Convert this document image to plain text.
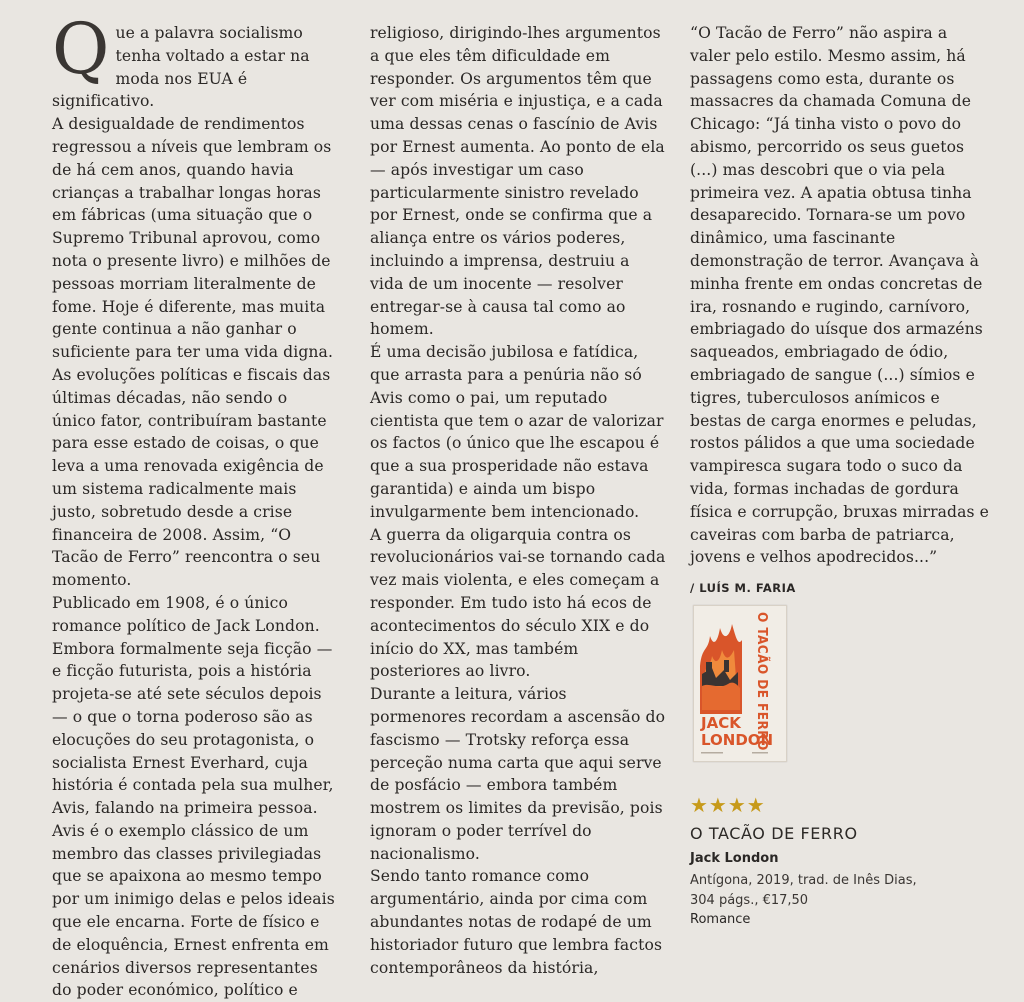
Que a palavra socialismo tenha voltado a estar na moda nos EUA é significativo.

A desigualdade de rendimentos regressou a níveis que lembram os de há cem anos, quando havia crianças a trabalhar longas horas em fábricas (uma situação que o Supremo Tribunal aprovou, como nota o presente livro) e milhões de pessoas morriam literalmente de fome. Hoje é diferente, mas muita gente continua a não ganhar o suficiente para ter uma vida digna.

As evoluções políticas e fiscais das últimas décadas, não sendo o único fator, contribuíram bastante para esse estado de coisas, o que leva a uma renovada exigência de um sistema radicalmente mais justo, sobretudo desde a crise financeira de 2008. Assim, “O Tacão de Ferro” reencontra o seu momento.

Publicado em 1908, é o único romance político de Jack London. Embora formalmente seja ficção — e ficção futurista, pois a história projeta-se até sete séculos depois — o que o torna poderoso são as elocuções do seu protagonista, o socialista Ernest Everhard, cuja história é contada pela sua mulher, Avis, falando na primeira pessoa.

Avis é o exemplo clássico de um membro das classes privilegiadas que se apaixona ao mesmo tempo por um inimigo delas e pelos ideais que ele encarna. Forte de físico e de eloquência, Ernest enfrenta em cenários diversos representantes do poder económico, político e

religioso, dirigindo-lhes argumentos a que eles têm dificuldade em responder. Os argumentos têm que ver com miséria e injustiça, e a cada uma dessas cenas o fascínio de Avis por Ernest aumenta. Ao ponto de ela — após investigar um caso particularmente sinistro revelado por Ernest, onde se confirma que a aliança entre os vários poderes, incluindo a imprensa, destruiu a vida de um inocente — resolver entregar-se à causa tal como ao homem.

É uma decisão jubilosa e fatídica, que arrasta para a penúria não só Avis como o pai, um reputado cientista que tem o azar de valorizar os factos (o único que lhe escapou é que a sua prosperidade não estava garantida) e ainda um bispo invulgarmente bem intencionado.

A guerra da oligarquia contra os revolucionários vai-se tornando cada vez mais violenta, e eles começam a responder. Em tudo isto há ecos de acontecimentos do século XIX e do início do XX, mas também posteriores ao livro.

Durante a leitura, vários pormenores recordam a ascensão do fascismo — Trotsky reforça essa perceção numa carta que aqui serve de posfácio — embora também mostrem os limites da previsão, pois ignoram o poder terrível do nacionalismo.

Sendo tanto romance como argumentário, ainda por cima com abundantes notas de rodapé de um historiador futuro que lembra factos contemporâneos da história,

“O Tacão de Ferro” não aspira a valer pelo estilo. Mesmo assim, há passagens como esta, durante os massacres da chamada Comuna de Chicago: “Já tinha visto o povo do abismo, percorrido os seus guetos (...) mas descobri que o via pela primeira vez. A apatia obtusa tinha desaparecido. Tornara-se um povo dinâmico, uma fascinante demonstração de terror. Avançava à minha frente em ondas concretas de ira, rosnando e rugindo, carnívoro, embriagado do uísque dos armazéns saqueados, embriagado de ódio, embriagado de sangue (...) símios e tigres, tuberculosos anímicos e bestas de carga enormes e peludas, rostos pálidos a que uma sociedade vampiresca sugara todo o suco da vida, formas inchadas de gordura física e corrupção, bruxas mirradas e caveiras com barba de patriarca, jovens e velhos apodrecidos...”

/ LUÍS M. FARIA
O TACÃO DE FERRO
JACK
LONDON
★★★★
O TACÃO DE FERRO
Jack London
Antígona, 2019, trad. de Inês Dias, 304 págs., €17,50
Romance
